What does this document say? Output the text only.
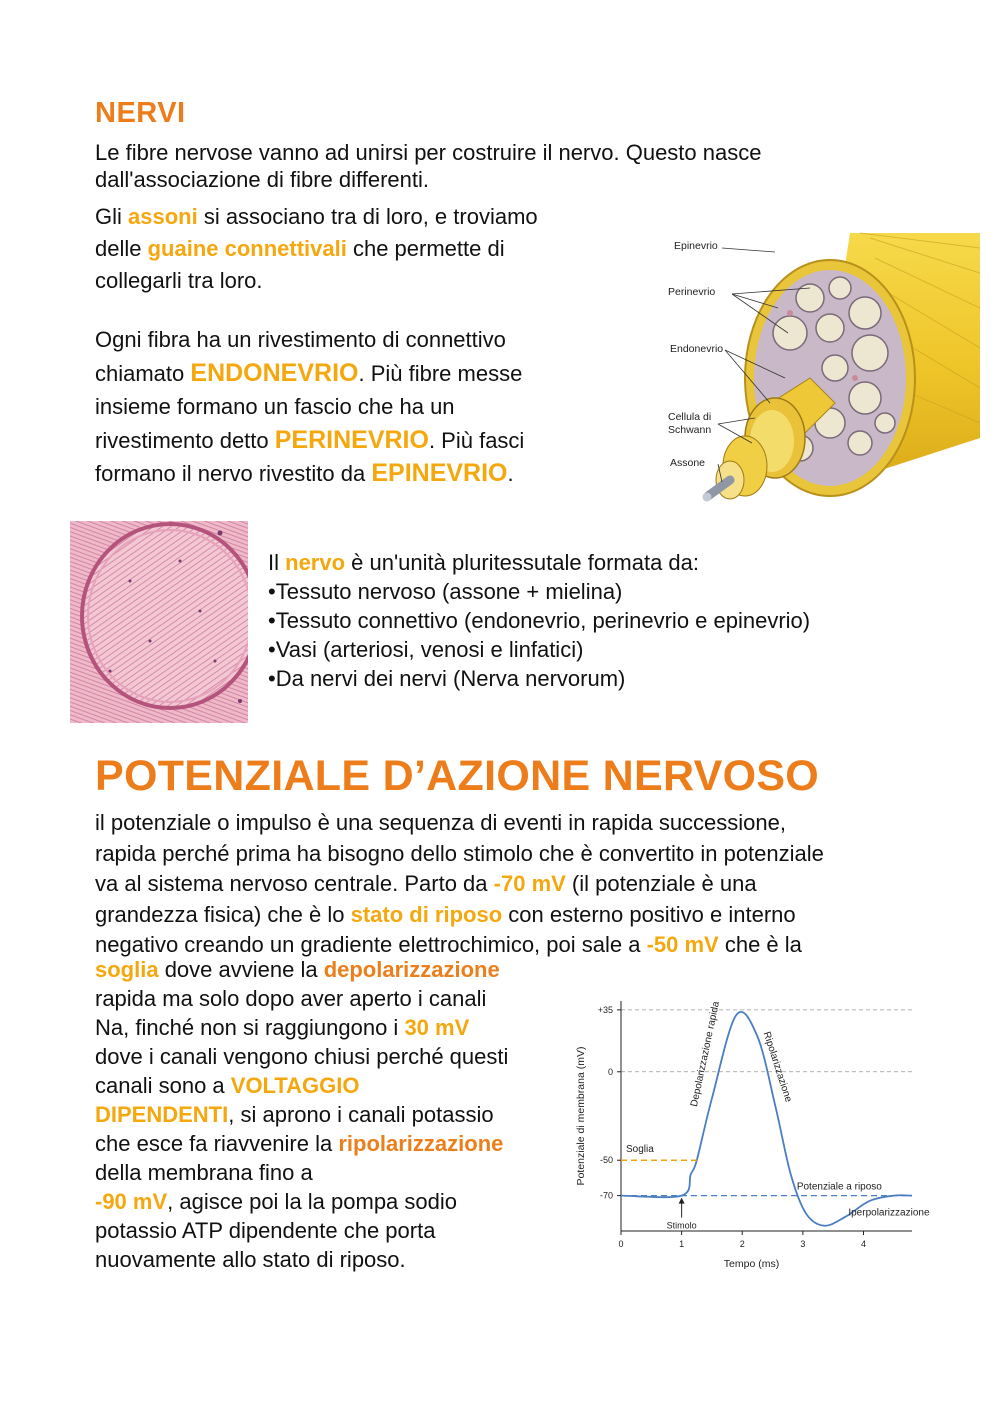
NERVI
Le fibre nervose vanno ad unirsi per costruire il nervo. Questo nasce
dall'associazione di fibre differenti.
Gli assoni si associano tra di loro, e troviamo
delle guaine connettivali che permette di
collegarli tra loro.
Ogni fibra ha un rivestimento di connettivo
chiamato ENDONEVRIO. Più fibre messe
insieme formano un fascio che ha un
rivestimento detto PERINEVRIO. Più fasci
formano il nervo rivestito da EPINEVRIO.
Epinevrio
Perinevrio
Endonevrio
Cellula di
Schwann
Assone
Il nervo è un'unità pluritessutale formata da:
•Tessuto nervoso (assone + mielina)
•Tessuto connettivo (endonevrio, perinevrio e epinevrio)
•Vasi (arteriosi, venosi e linfatici)
•Da nervi dei nervi (Nerva nervorum)
POTENZIALE D’AZIONE NERVOSO
il potenziale o impulso è una sequenza di eventi in rapida successione,
rapida perché prima ha bisogno dello stimolo che è convertito in potenziale
va al sistema nervoso centrale. Parto da -70 mV (il potenziale è una
grandezza fisica) che è lo stato di riposo con esterno positivo e interno
negativo creando un gradiente elettrochimico, poi sale a -50 mV che è la
soglia dove avviene la depolarizzazione
rapida ma solo dopo aver aperto i canali
Na, finché non si raggiungono i 30 mV
dove i canali vengono chiusi perché questi
canali sono a VOLTAGGIO
DIPENDENTI, si aprono i canali potassio
che esce fa riavvenire la ripolarizzazione
della membrana fino a
-90 mV, agisce poi la la pompa sodio
potassio ATP dipendente che porta
nuovamente allo stato di riposo.
+35
0
-50
-70
0	1	2	3	4
Potenziale di membrana (mV)
Tempo (ms)
Soglia
Stimolo
Depolarizzazione rapida	Ripolarizzazione
Potenziale a riposo
Iperpolarizzazione
